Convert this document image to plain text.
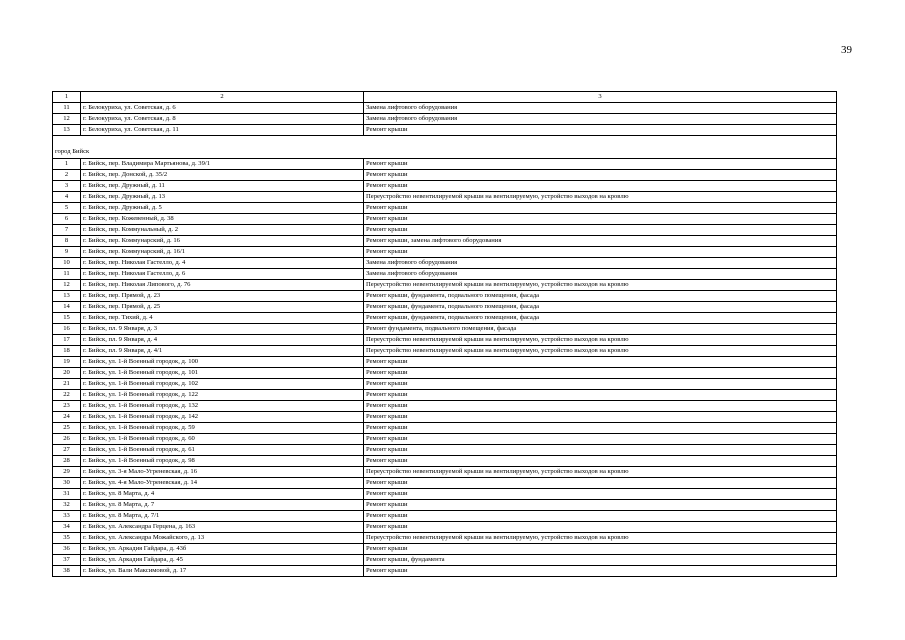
39
1	2	3
11	г. Белокуриха, ул. Советская, д. 6	Замена лифтового оборудования
12	г. Белокуриха, ул. Советская, д. 8	Замена лифтового оборудования
13	г. Белокуриха, ул. Советская, д. 11	Ремонт крыши
город Бийск		
1	г. Бийск, пер. Владимира Мартьянова, д. 39/1	Ремонт крыши
2	г. Бийск, пер. Донской, д. 35/2	Ремонт крыши
3	г. Бийск, пер. Дружный, д. 11	Ремонт крыши
4	г. Бийск, пер. Дружный, д. 13	Переустройство невентилируемой крыши на вентилируемую, устройство выходов на кровлю
5	г. Бийск, пер. Дружный, д. 5	Ремонт крыши
6	г. Бийск, пер. Кожевенный, д. 38	Ремонт крыши
7	г. Бийск, пер. Коммунальный, д. 2	Ремонт крыши
8	г. Бийск, пер. Коммунарский, д. 16	Ремонт крыши, замена лифтового оборудования
9	г. Бийск, пер. Коммунарский, д. 16/1	Ремонт крыши
10	г. Бийск, пер. Николая Гастелло, д. 4	Замена лифтового оборудования
11	г. Бийск, пер. Николая Гастелло, д. 6	Замена лифтового оборудования
12	г. Бийск, пер. Николая Липового, д. 76	Переустройство невентилируемой крыши на вентилируемую, устройство выходов на кровлю
13	г. Бийск, пер. Прямой, д. 23	Ремонт крыши, фундамента, подвального помещения, фасада
14	г. Бийск, пер. Прямой, д. 25	Ремонт крыши, фундамента, подвального помещения, фасада
15	г. Бийск, пер. Тихий, д. 4	Ремонт крыши, фундамента, подвального помещения, фасада
16	г. Бийск, пл. 9 Января, д. 3	Ремонт фундамента, подвального помещения, фасада
17	г. Бийск, пл. 9 Января, д. 4	Переустройство невентилируемой крыши на вентилируемую, устройство выходов на кровлю
18	г. Бийск, пл. 9 Января, д. 4/1	Переустройство невентилируемой крыши на вентилируемую, устройство выходов на кровлю
19	г. Бийск, ул. 1-й Военный городок, д. 100	Ремонт крыши
20	г. Бийск, ул. 1-й Военный городок, д. 101	Ремонт крыши
21	г. Бийск, ул. 1-й Военный городок, д. 102	Ремонт крыши
22	г. Бийск, ул. 1-й Военный городок, д. 122	Ремонт крыши
23	г. Бийск, ул. 1-й Военный городок, д. 132	Ремонт крыши
24	г. Бийск, ул. 1-й Военный городок, д. 142	Ремонт крыши
25	г. Бийск, ул. 1-й Военный городок, д. 59	Ремонт крыши
26	г. Бийск, ул. 1-й Военный городок, д. 60	Ремонт крыши
27	г. Бийск, ул. 1-й Военный городок, д. 61	Ремонт крыши
28	г. Бийск, ул. 1-й Военный городок, д. 98	Ремонт крыши
29	г. Бийск, ул. 3-я Мало-Угреневская, д. 16	Переустройство невентилируемой крыши на вентилируемую, устройство выходов на кровлю
30	г. Бийск, ул. 4-я Мало-Угреневская, д. 14	Ремонт крыши
31	г. Бийск, ул. 8 Марта, д. 4	Ремонт крыши
32	г. Бийск, ул. 8 Марта, д. 7	Ремонт крыши
33	г. Бийск, ул. 8 Марта, д. 7/1	Ремонт крыши
34	г. Бийск, ул. Александра Герцена, д. 163	Ремонт крыши
35	г. Бийск, ул. Александра Можайского, д. 13	Переустройство невентилируемой крыши на вентилируемую, устройство выходов на кровлю
36	г. Бийск, ул. Аркадия Гайдара, д. 43б	Ремонт крыши
37	г. Бийск, ул. Аркадия Гайдара, д. 45	Ремонт крыши, фундамента
38	г. Бийск, ул. Вали Максимовой, д. 17	Ремонт крыши
